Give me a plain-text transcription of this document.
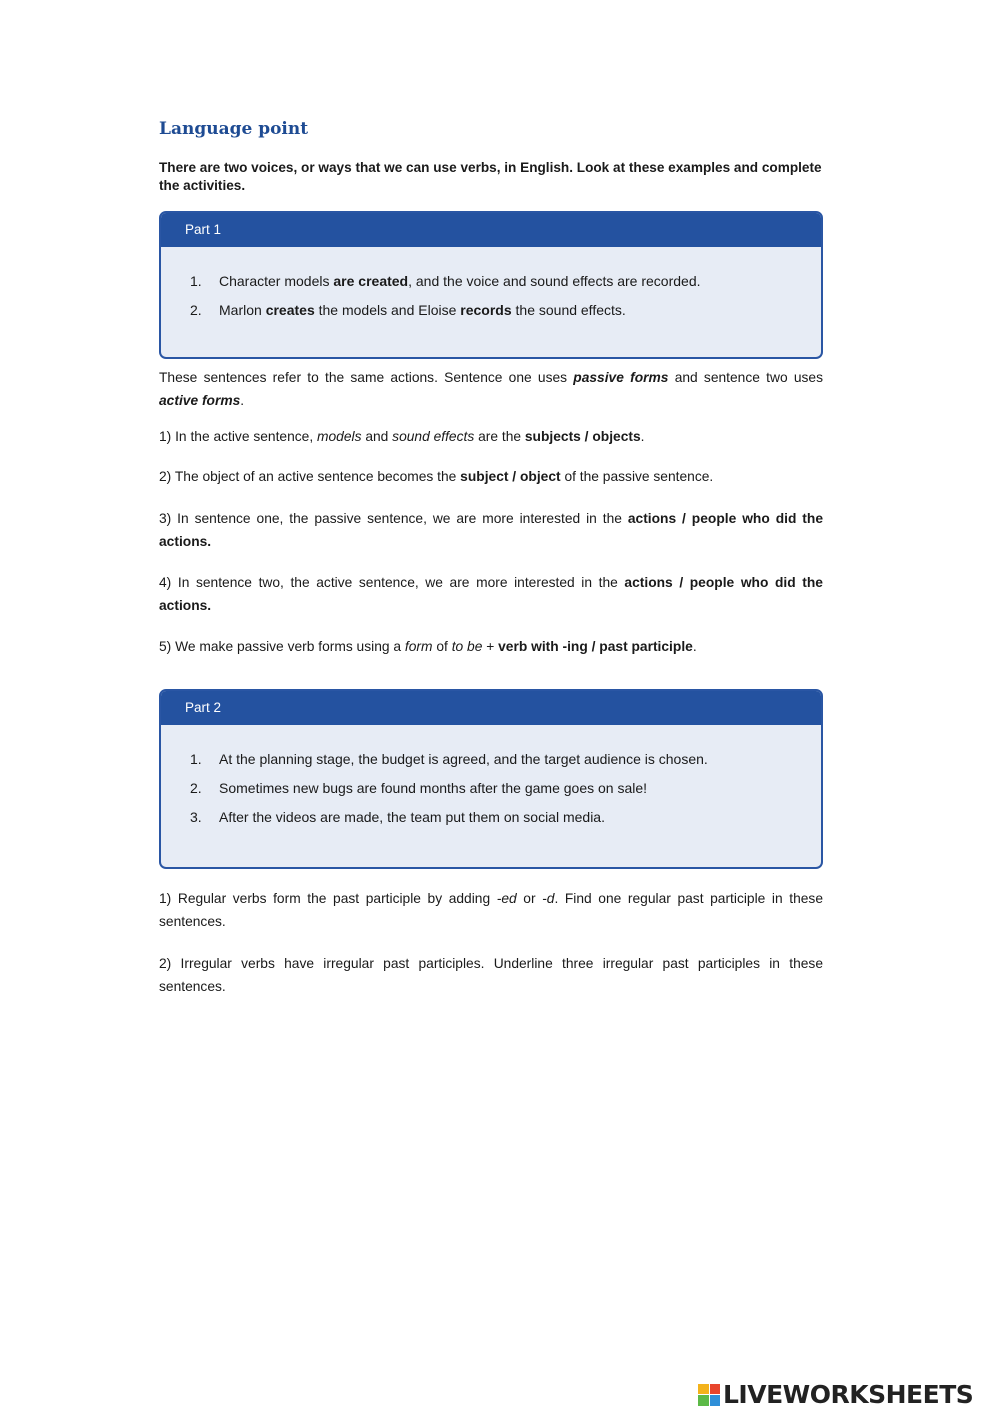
Language point
There are two voices, or ways that we can use verbs, in English. Look at these examples and complete the activities.
Part 1
1. Character models are created, and the voice and sound effects are recorded.
2. Marlon creates the models and Eloise records the sound effects.
These sentences refer to the same actions. Sentence one uses passive forms and sentence two uses active forms.
1) In the active sentence, models and sound effects are the subjects / objects.
2) The object of an active sentence becomes the subject / object of the passive sentence.
3) In sentence one, the passive sentence, we are more interested in the actions / people who did the actions.
4) In sentence two, the active sentence, we are more interested in the actions / people who did the actions.
5) We make passive verb forms using a form of to be + verb with -ing / past participle.
Part 2
1. At the planning stage, the budget is agreed, and the target audience is chosen.
2. Sometimes new bugs are found months after the game goes on sale!
3. After the videos are made, the team put them on social media.
1) Regular verbs form the past participle by adding -ed or -d. Find one regular past participle in these sentences.
2) Irregular verbs have irregular past participles. Underline three irregular past participles in these sentences.
LIVEWORKSHEETS
